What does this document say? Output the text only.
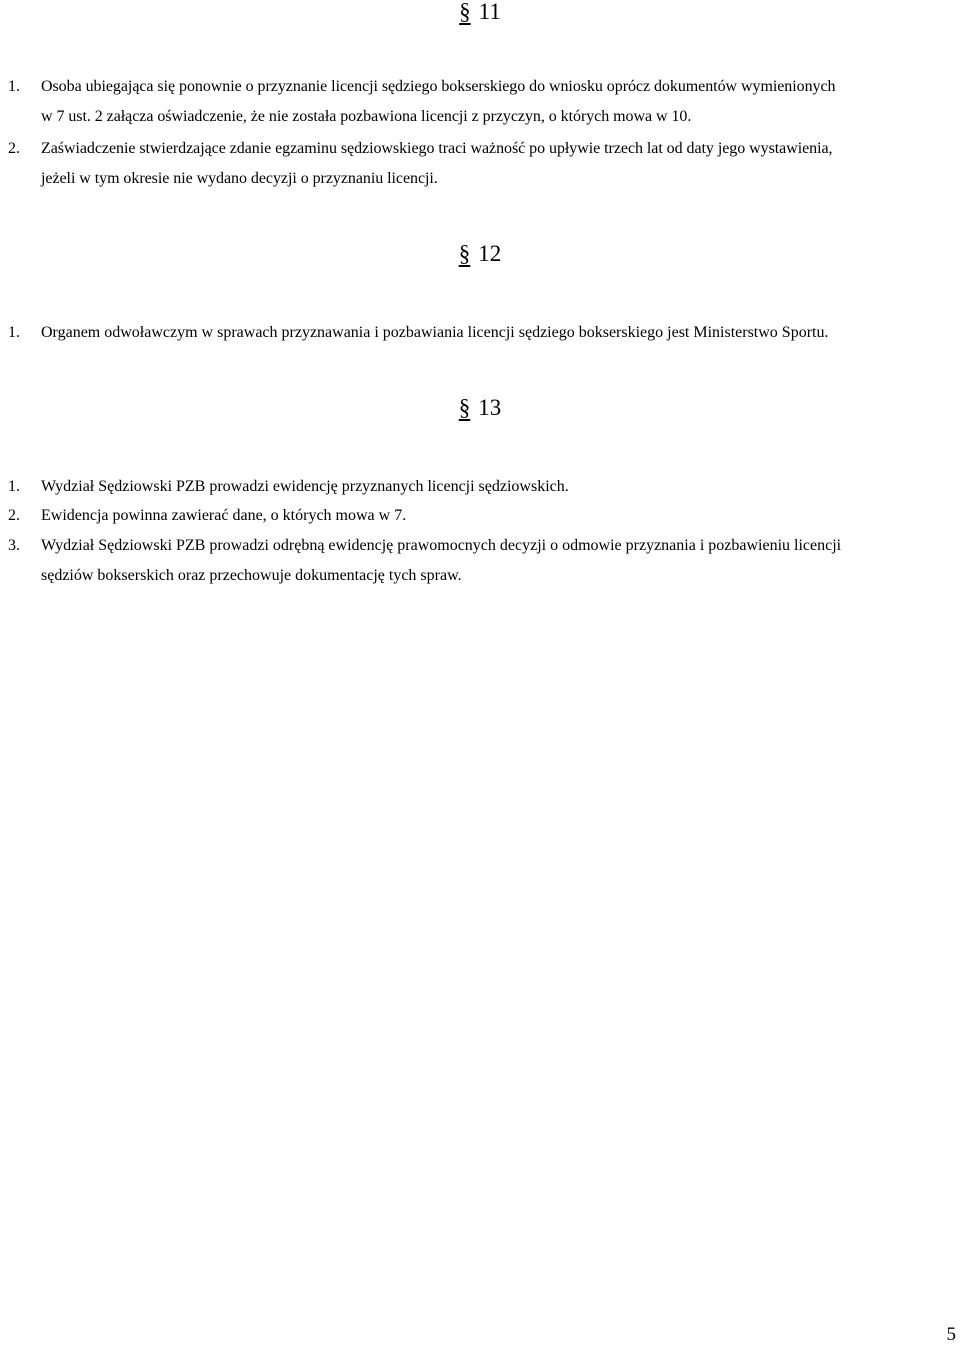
§ 11
1. Osoba ubiegająca się ponownie o przyznanie licencji sędziego bokserskiego do wniosku oprócz dokumentów wymienionych
w 7 ust. 2 załącza oświadczenie, że nie została pozbawiona licencji z przyczyn, o których mowa w 10.
2. Zaświadczenie stwierdzające zdanie egzaminu sędziowskiego traci ważność po upływie trzech lat od daty jego wystawienia,
jeżeli w tym okresie nie wydano decyzji o przyznaniu licencji.
§ 12
1. Organem odwoławczym w sprawach przyznawania i pozbawiania licencji sędziego bokserskiego jest Ministerstwo Sportu.
§ 13
1. Wydział Sędziowski PZB prowadzi ewidencję przyznanych licencji sędziowskich.
2. Ewidencja powinna zawierać dane, o których mowa w 7.
3. Wydział Sędziowski PZB prowadzi odrębną ewidencję prawomocnych decyzji o odmowie przyznania i pozbawieniu licencji
sędziów bokserskich oraz przechowuje dokumentację tych spraw.

5
